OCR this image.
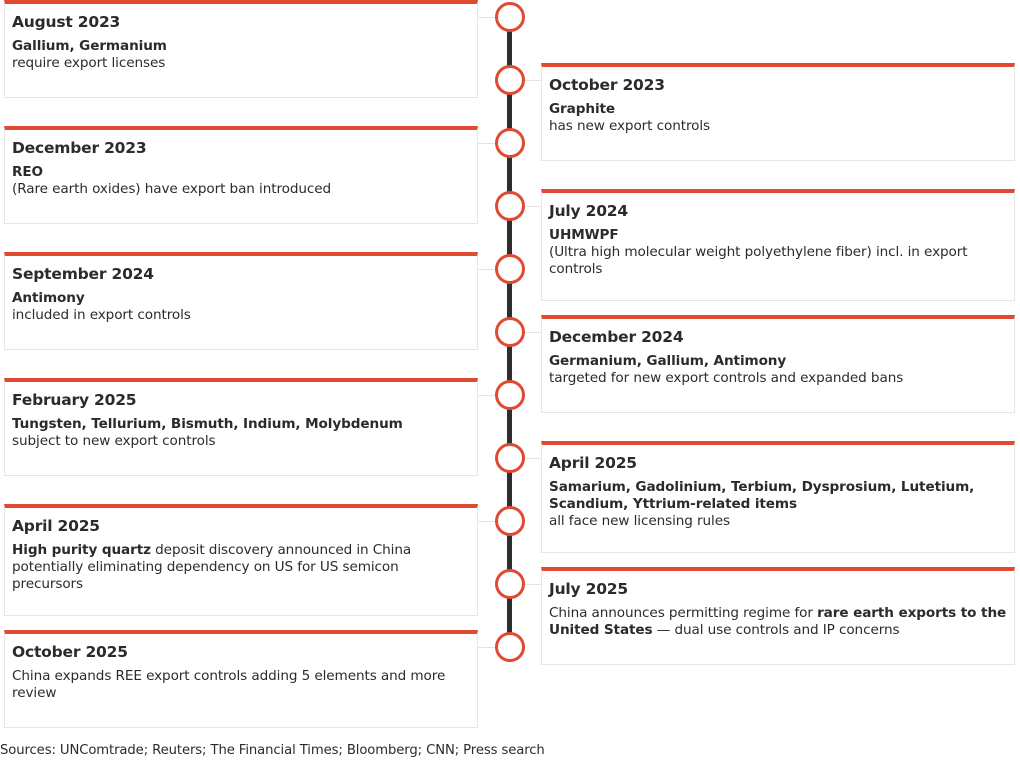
August 2023
Gallium, Germanium
require export licenses
October 2023
Graphite
has new export controls
December 2023
REO
(Rare earth oxides) have export ban introduced
July 2024
UHMWPF
(Ultra high molecular weight polyethylene fiber) incl. in export controls
September 2024
Antimony
included in export controls
December 2024
Germanium, Gallium, Antimony
targeted for new export controls and expanded bans
February 2025
Tungsten, Tellurium, Bismuth, Indium, Molybdenum
subject to new export controls
April 2025
Samarium, Gadolinium, Terbium, Dysprosium, Lutetium, Scandium, Yttrium-related items
all face new licensing rules
April 2025
High purity quartz deposit discovery announced in China potentially eliminating dependency on US for US semicon precursors	July 2025
China announces permitting regime for rare earth exports to the United States — dual use controls and IP concerns
October 2025
China expands REE export controls adding 5 elements and more review
Sources: UNComtrade; Reuters; The Financial Times; Bloomberg; CNN; Press search
